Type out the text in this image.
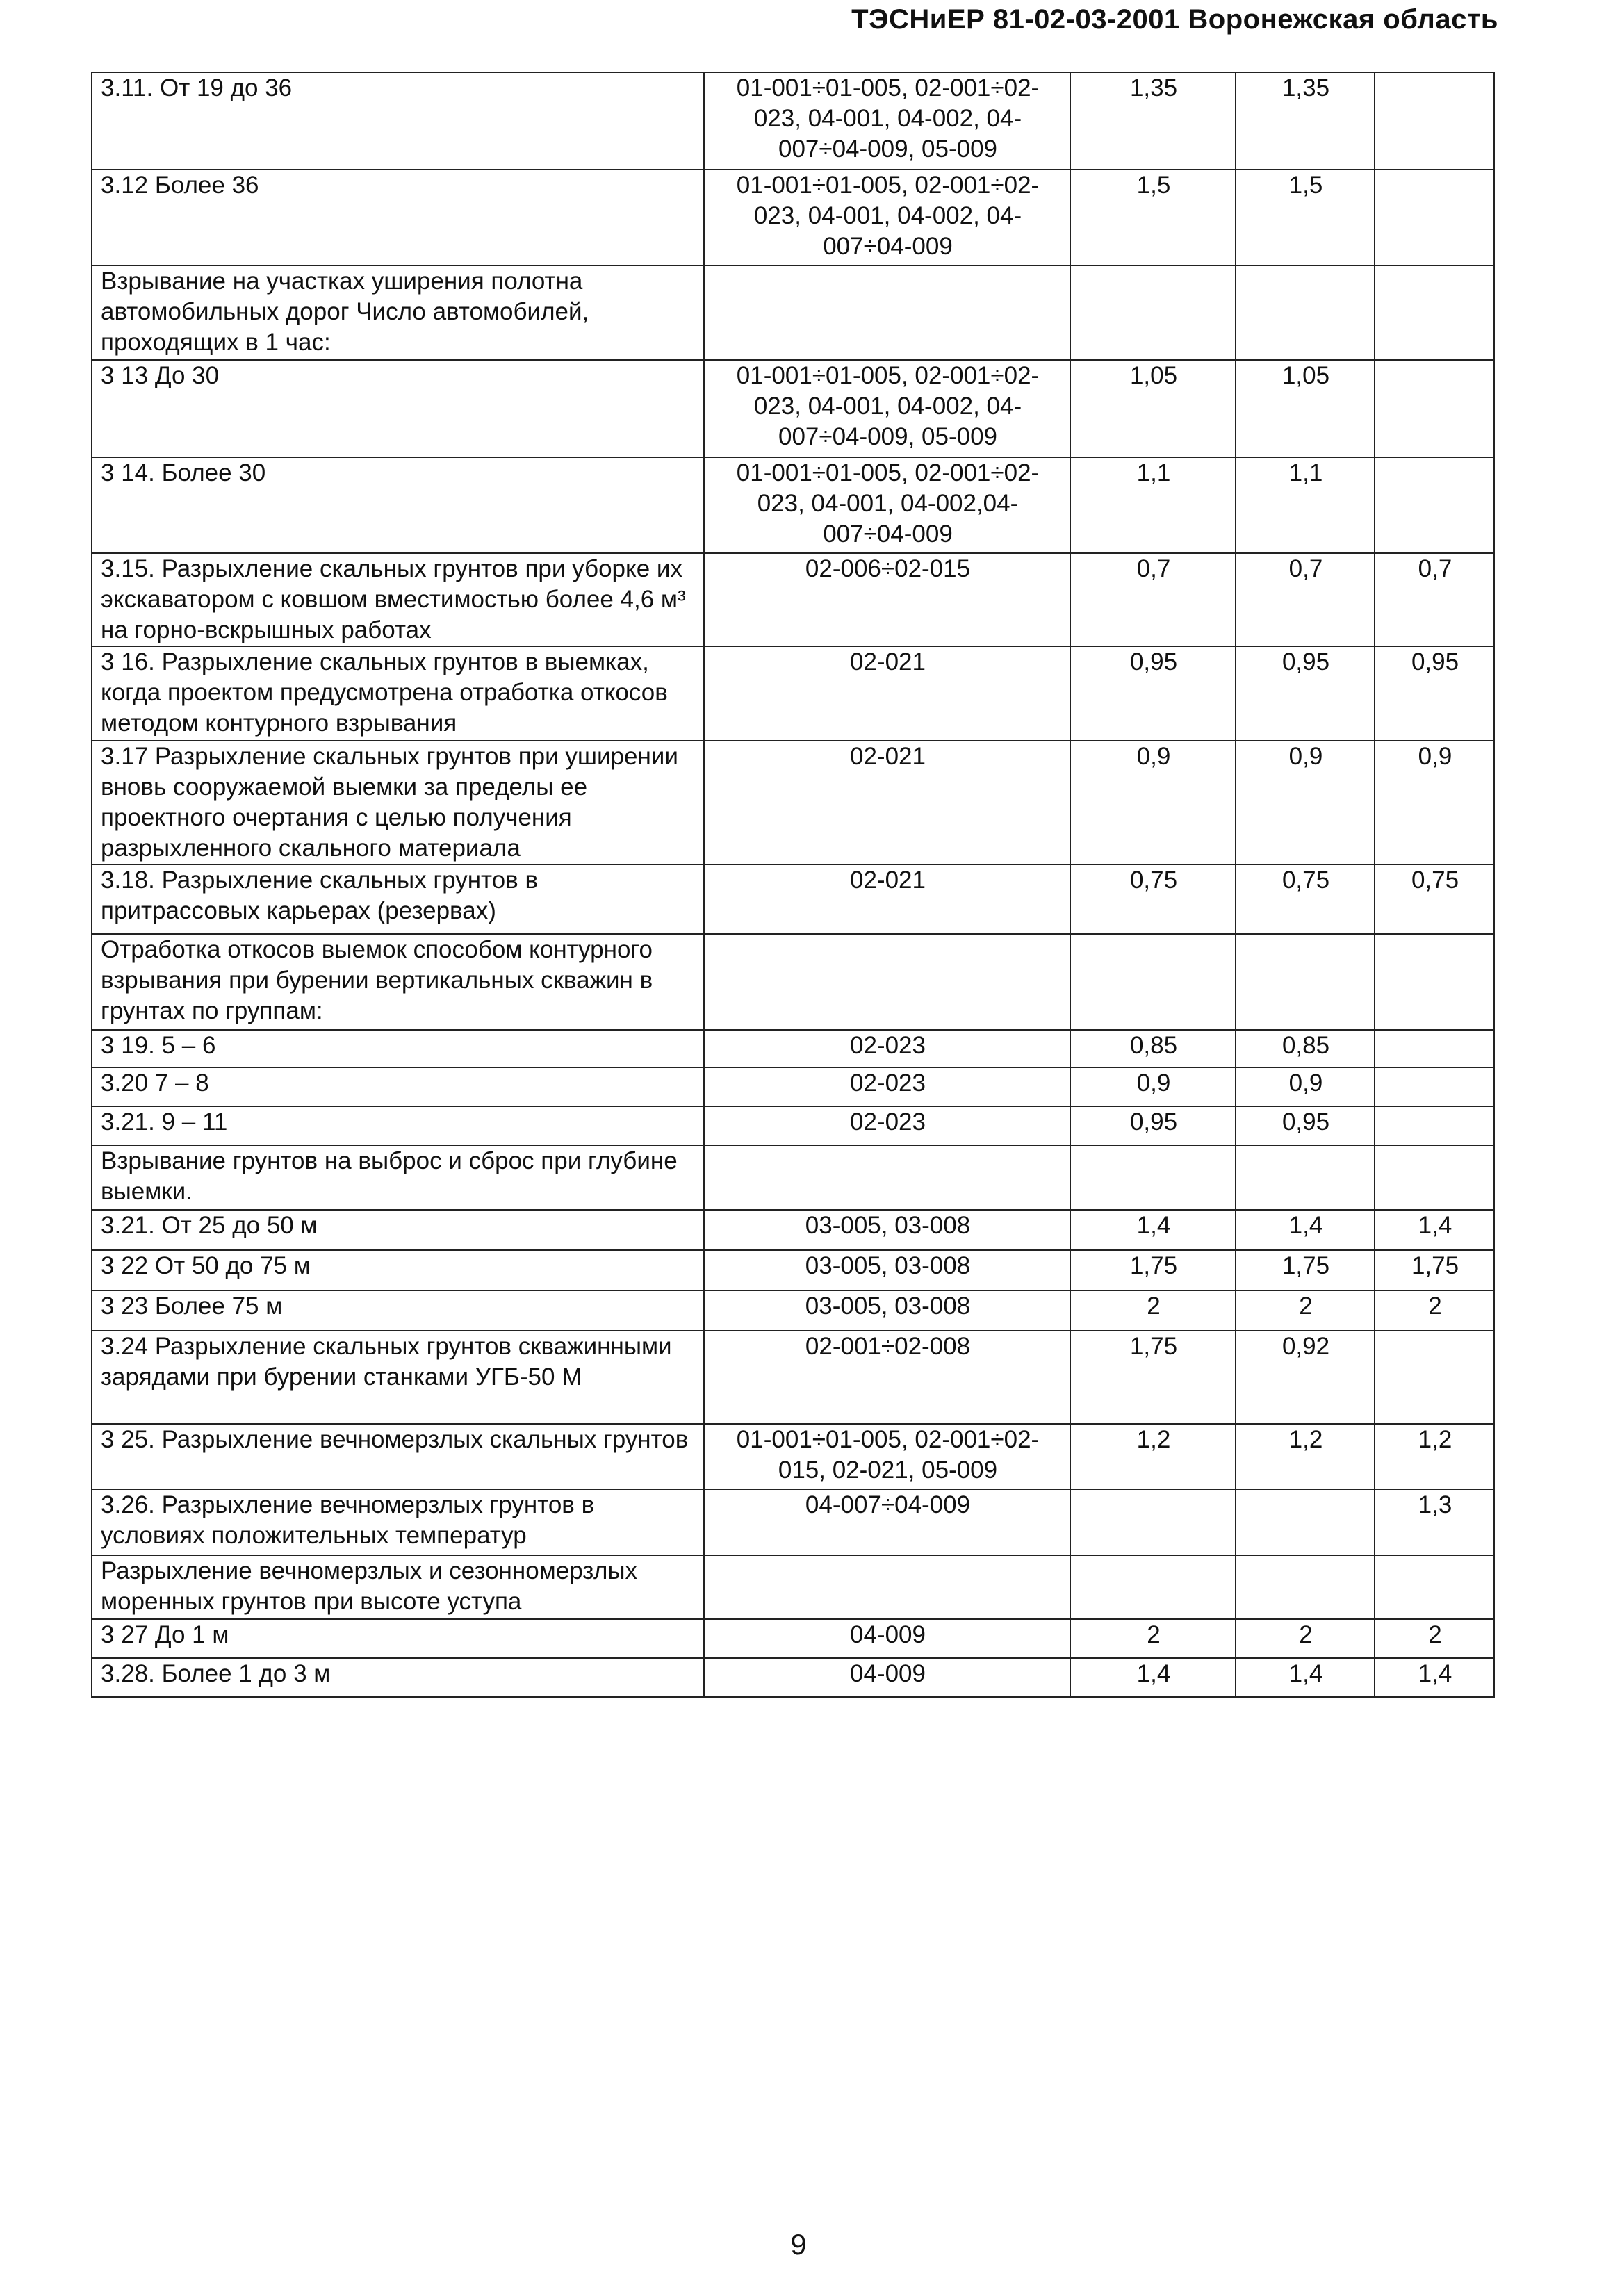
ТЭСНиЕР 81-02-03-2001 Воронежская область
3.11. От 19 до 36	01-001÷01-005, 02-001÷02-023, 04-001, 04-002, 04-007÷04-009, 05-009	1,35	1,35	
3.12 Более 36	01-001÷01-005, 02-001÷02-023, 04-001, 04-002, 04-007÷04-009	1,5	1,5	
Взрывание на участках уширения полотна автомобильных дорог Число автомобилей, проходящих в 1 час:				
3 13 До 30	01-001÷01-005, 02-001÷02-023, 04-001, 04-002, 04-007÷04-009, 05-009	1,05	1,05	
3 14. Более 30	01-001÷01-005, 02-001÷02-023, 04-001, 04-002,04-007÷04-009	1,1	1,1	
3.15. Разрыхление скальных грунтов при уборке их экскаватором с ковшом вместимостью более 4,6 м³ на горно-вскрышных работах	02-006÷02-015	0,7	0,7	0,7
3 16. Разрыхление скальных грунтов в выемках, когда проектом предусмотрена отработка откосов методом контурного взрывания	02-021	0,95	0,95	0,95
3.17 Разрыхление скальных грунтов при уширении вновь сооружаемой выемки за пределы ее проектного очертания с целью получения разрыхленного скального материала	02-021	0,9	0,9	0,9
3.18. Разрыхление скальных грунтов в притрассовых карьерах (резервах)	02-021	0,75	0,75	0,75
Отработка откосов выемок способом контурного взрывания при бурении вертикальных скважин в грунтах по группам:				
3 19. 5 – 6	02-023	0,85	0,85	
3.20 7 – 8	02-023	0,9	0,9	
3.21. 9 – 11	02-023	0,95	0,95	
Взрывание грунтов на выброс и сброс при глубине выемки.				
3.21. От 25 до 50 м	03-005, 03-008	1,4	1,4	1,4
3 22 От 50 до 75 м	03-005, 03-008	1,75	1,75	1,75
3 23 Более 75 м	03-005, 03-008	2	2	2
3.24 Разрыхление скальных грунтов скважинными зарядами при бурении станками УГБ-50 М	02-001÷02-008	1,75	0,92	
3 25. Разрыхление вечномерзлых скальных грунтов	01-001÷01-005, 02-001÷02-015, 02-021, 05-009	1,2	1,2	1,2
3.26. Разрыхление вечномерзлых грунтов в условиях положительных температур	04-007÷04-009			1,3
Разрыхление вечномерзлых и сезонномерзлых моренных грунтов при высоте уступа				
3 27 До 1 м	04-009	2	2	2
3.28. Более 1 до 3 м	04-009	1,4	1,4	1,4
9
